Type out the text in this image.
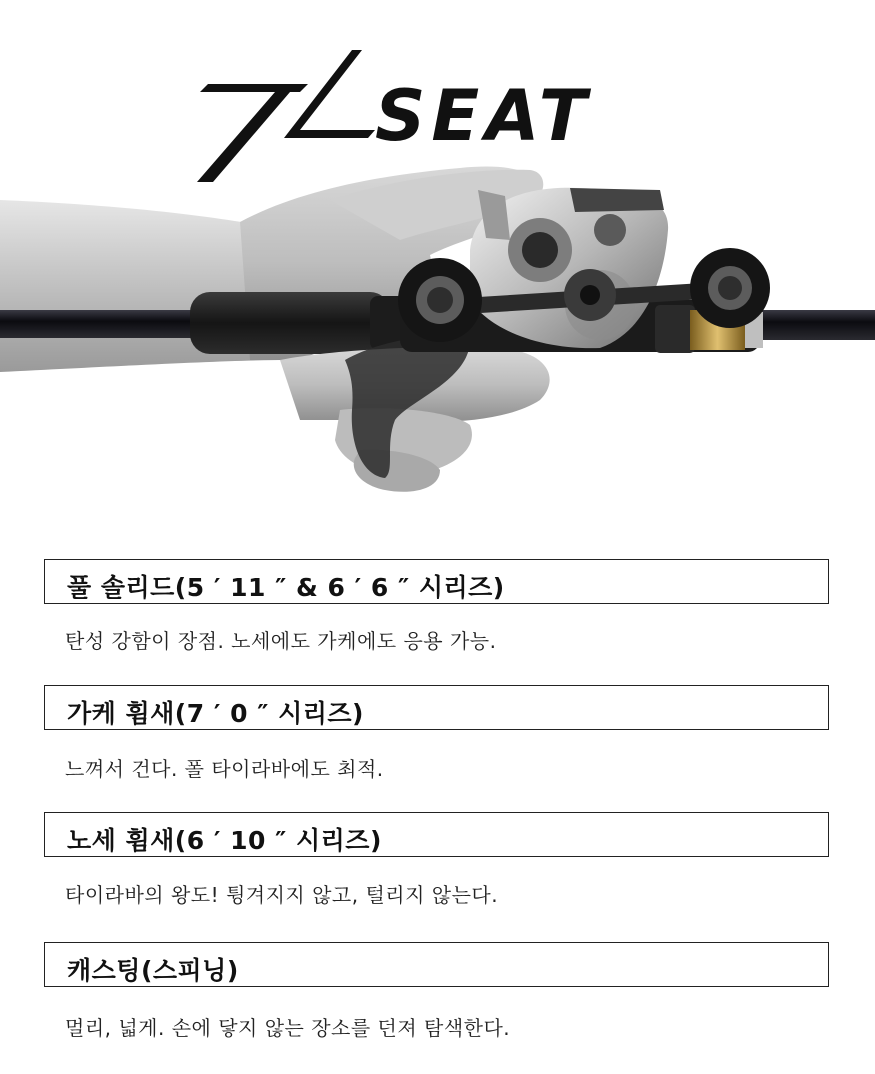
SEAT
풀 솔리드(5 ′ 11 ″ & 6 ′ 6 ″ 시리즈)
탄성 강함이 장점. 노세에도 가케에도 응용 가능.
가케 휨새(7 ′ 0 ″ 시리즈)
느껴서 건다. 폴 타이라바에도 최적.
노세 휨새(6 ′ 10 ″ 시리즈)
타이라바의 왕도! 튕겨지지 않고, 털리지 않는다.
캐스팅(스피닝)
멀리, 넓게. 손에 닿지 않는 장소를 던져 탐색한다.
